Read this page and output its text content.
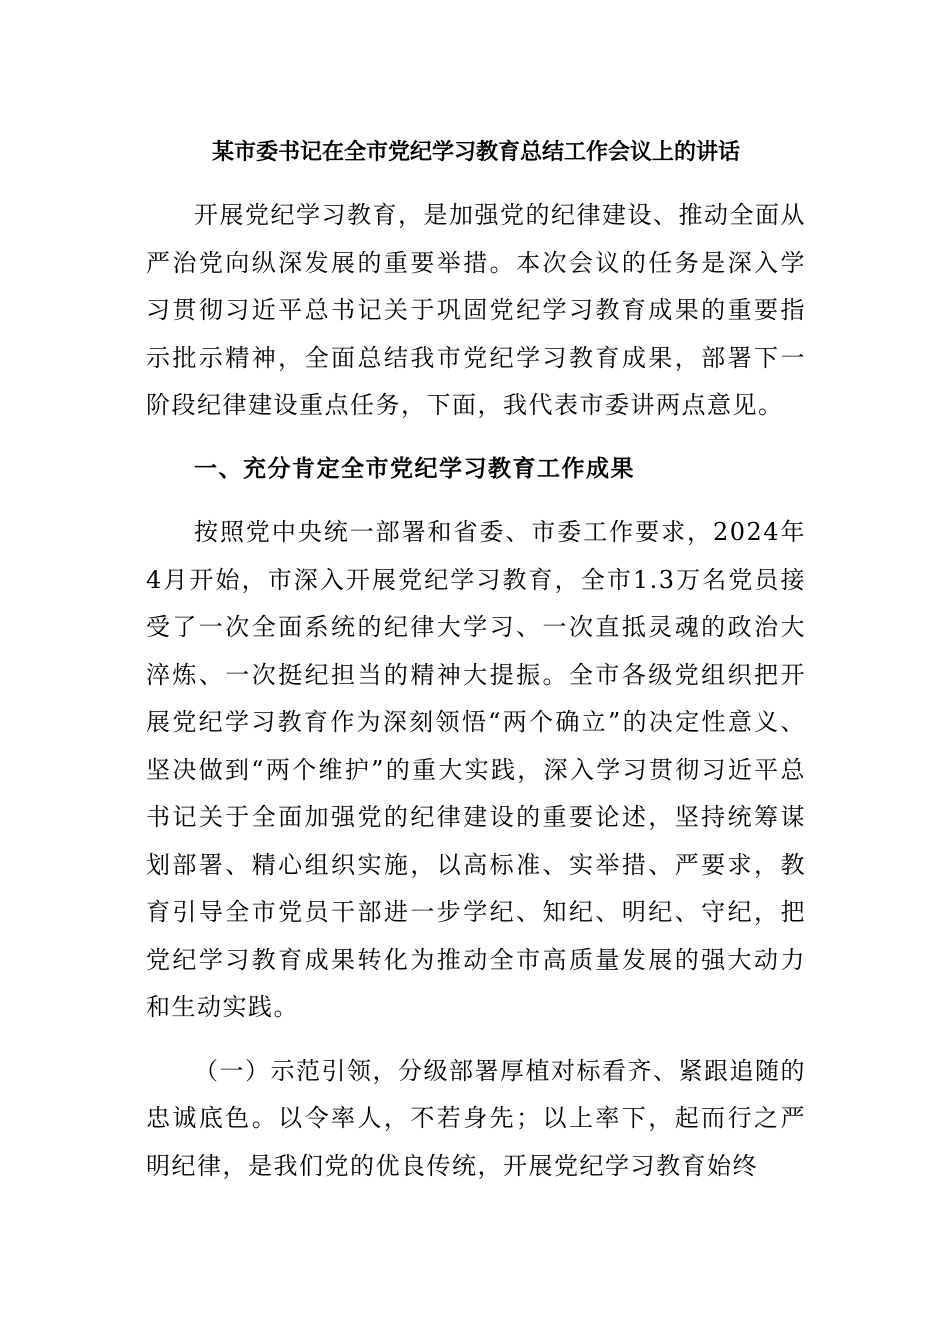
某市委书记在全市党纪学习教育总结工作会议上的讲话

开展党纪学习教育，是加强党的纪律建设、推动全面从严治党向纵深发展的重要举措。本次会议的任务是深入学习贯彻习近平总书记关于巩固党纪学习教育成果的重要指示批示精神，全面总结我市党纪学习教育成果，部署下一阶段纪律建设重点任务，下面，我代表市委讲两点意见。

一、充分肯定全市党纪学习教育工作成果

按照党中央统一部署和省委、市委工作要求，2024年4月开始，市深入开展党纪学习教育，全市1.3万名党员接受了一次全面系统的纪律大学习、一次直抵灵魂的政治大淬炼、一次挺纪担当的精神大提振。全市各级党组织把开展党纪学习教育作为深刻领悟“两个确立”的决定性意义、坚决做到“两个维护”的重大实践，深入学习贯彻习近平总书记关于全面加强党的纪律建设的重要论述，坚持统筹谋划部署、精心组织实施，以高标准、实举措、严要求，教育引导全市党员干部进一步学纪、知纪、明纪、守纪，把党纪学习教育成果转化为推动全市高质量发展的强大动力和生动实践。

（一）示范引领，分级部署厚植对标看齐、紧跟追随的忠诚底色。以令率人，不若身先；以上率下，起而行之严明纪律，是我们党的优良传统，开展党纪学习教育始终
